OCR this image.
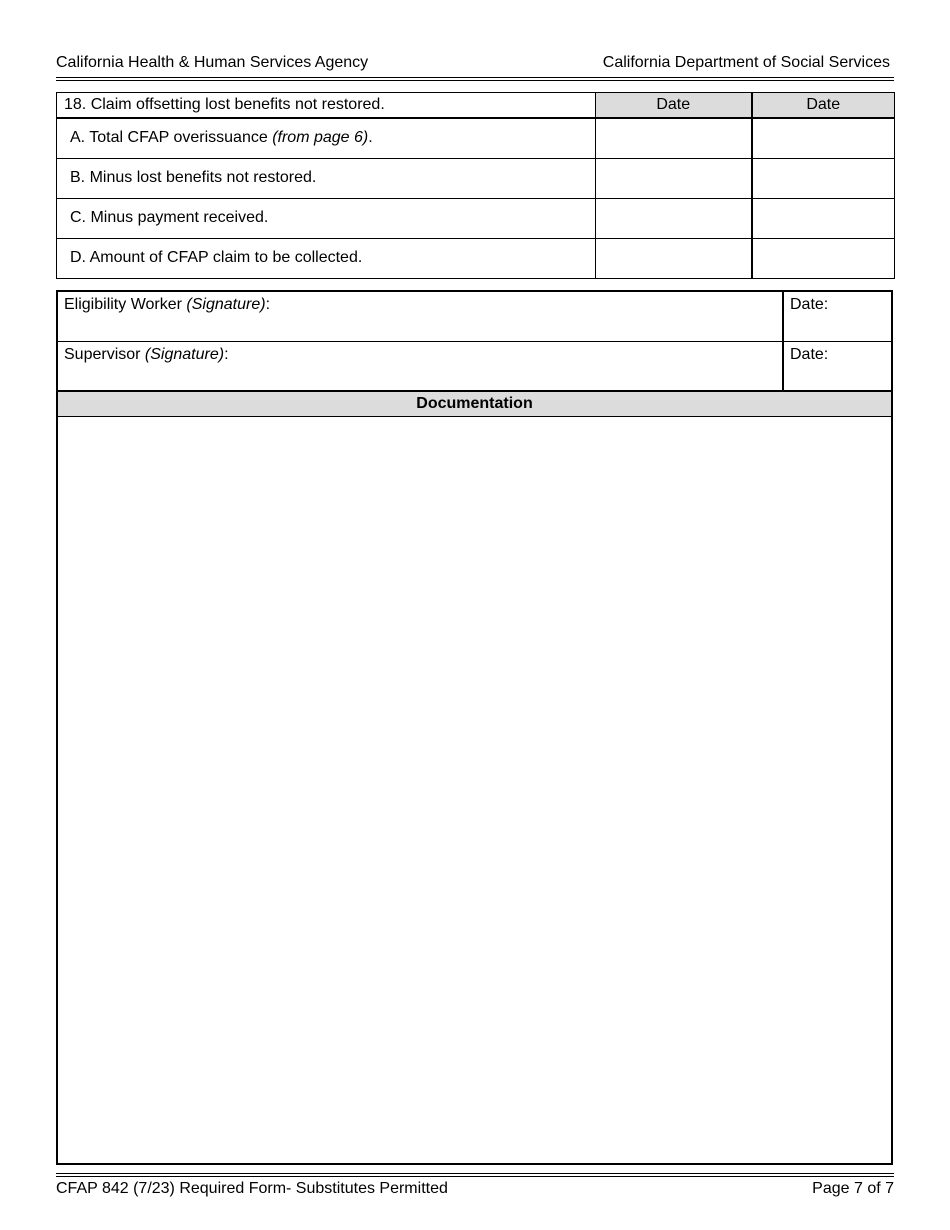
California Health & Human Services Agency	California Department of Social Services
18. Claim offsetting lost benefits not restored.	Date	Date
A. Total CFAP overissuance (from page 6).		
B. Minus lost benefits not restored.		
C. Minus payment received.		
D. Amount of CFAP claim to be collected.		
Eligibility Worker (Signature):	Date:
Supervisor (Signature):	Date:
Documentation
CFAP 842 (7/23) Required Form- Substitutes Permitted	Page 7 of 7
